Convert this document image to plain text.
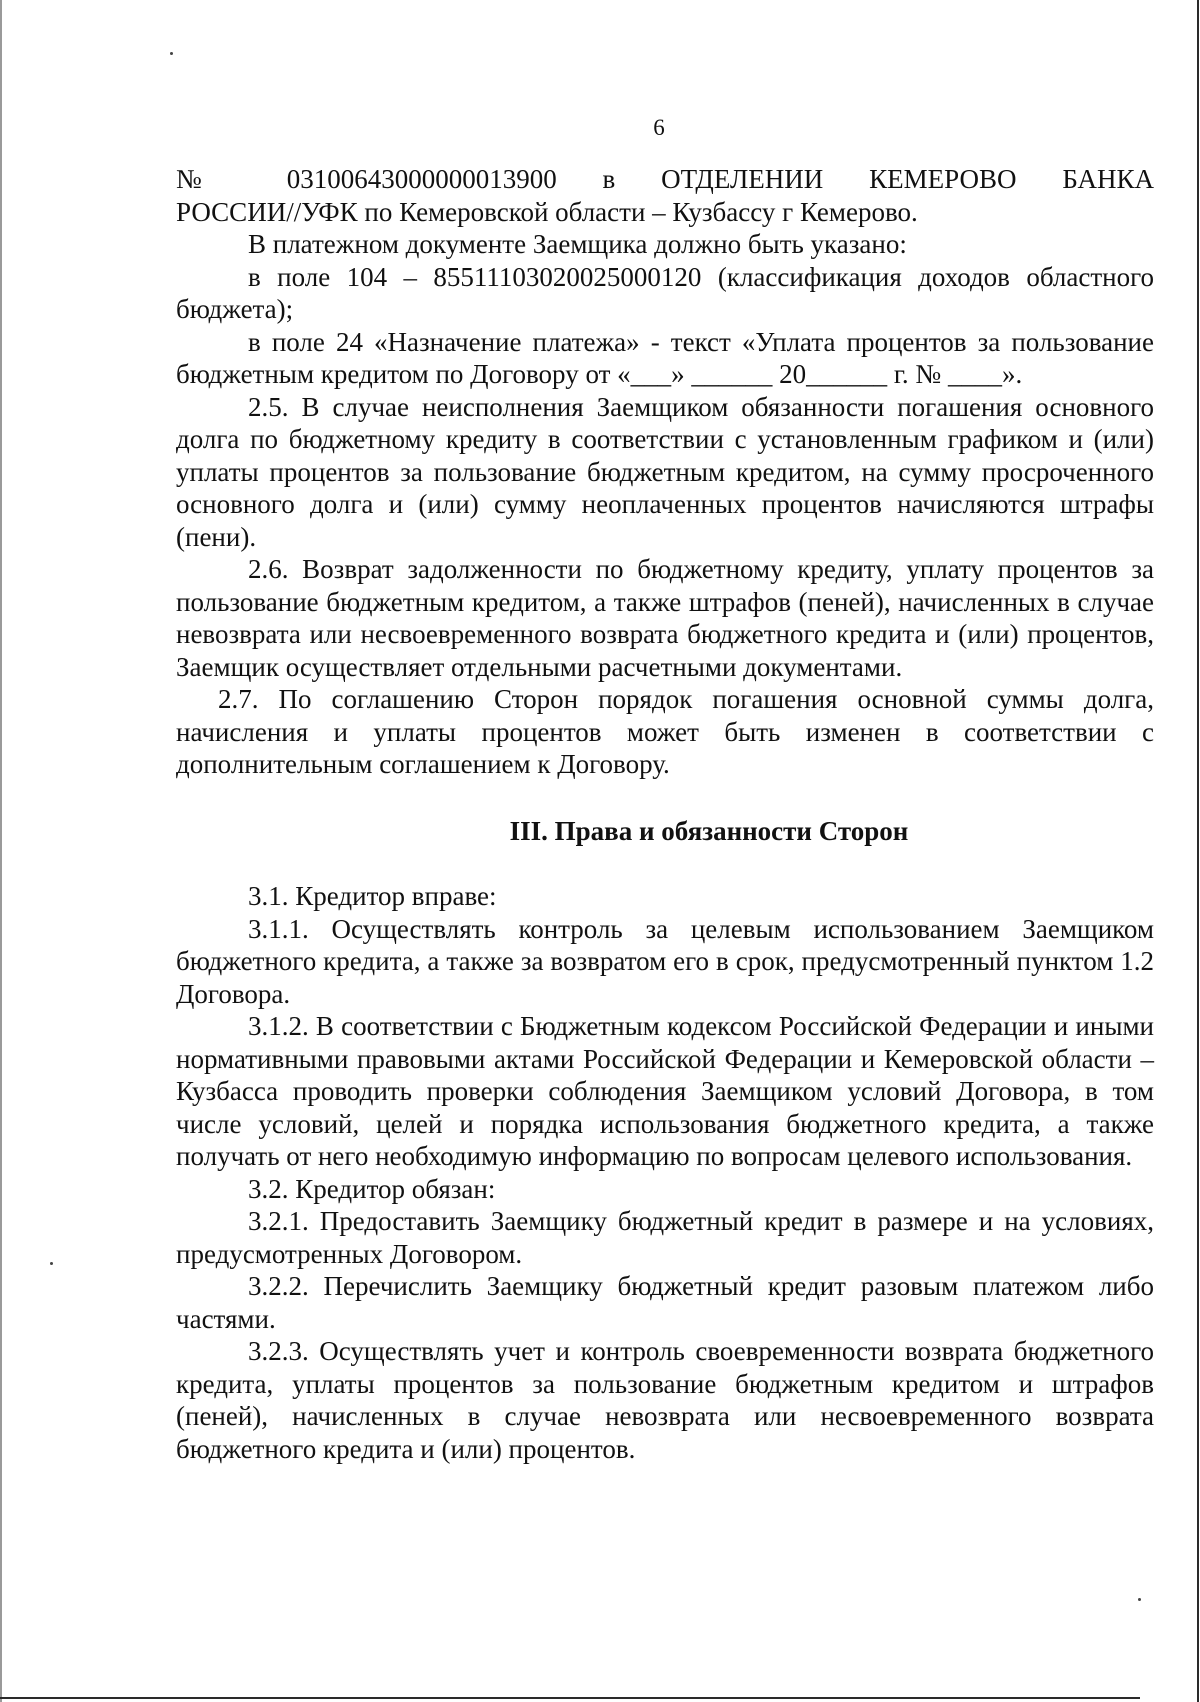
6

№ 03100643000000013900 в ОТДЕЛЕНИИ КЕМЕРОВО БАНКА

РОССИИ//УФК по Кемеровской области – Кузбассу г Кемерово.

В платежном документе Заемщика должно быть указано:

в поле 104 – 85511103020025000120 (классификация доходов областного бюджета);

в поле 24 «Назначение платежа» - текст «Уплата процентов за пользование бюджетным кредитом по Договору от «___» ______ 20______ г. № ____».

2.5. В случае неисполнения Заемщиком обязанности погашения основного долга по бюджетному кредиту в соответствии с установленным графиком и (или) уплаты процентов за пользование бюджетным кредитом, на сумму просроченного основного долга и (или) сумму неоплаченных процентов начисляются штрафы (пени).

2.6. Возврат задолженности по бюджетному кредиту, уплату процентов за пользование бюджетным кредитом, а также штрафов (пеней), начисленных в случае невозврата или несвоевременного возврата бюджетного кредита и (или) процентов, Заемщик осуществляет отдельными расчетными документами.

2.7. По соглашению Сторон порядок погашения основной суммы долга, начисления и уплаты процентов может быть изменен в соответствии с дополнительным соглашением к Договору.

III. Права и обязанности Сторон

3.1. Кредитор вправе:

3.1.1. Осуществлять контроль за целевым использованием Заемщиком бюджетного кредита, а также за возвратом его в срок, предусмотренный пунктом 1.2 Договора.

3.1.2. В соответствии с Бюджетным кодексом Российской Федерации и иными нормативными правовыми актами Российской Федерации и Кемеровской области – Кузбасса проводить проверки соблюдения Заемщиком условий Договора, в том числе условий, целей и порядка использования бюджетного кредита, а также получать от него необходимую информацию по вопросам целевого использования.

3.2. Кредитор обязан:

3.2.1. Предоставить Заемщику бюджетный кредит в размере и на условиях, предусмотренных Договором.

3.2.2. Перечислить Заемщику бюджетный кредит разовым платежом либо частями.

3.2.3. Осуществлять учет и контроль своевременности возврата бюджетного кредита, уплаты процентов за пользование бюджетным кредитом и штрафов (пеней), начисленных в случае невозврата или несвоевременного возврата бюджетного кредита и (или) процентов.
